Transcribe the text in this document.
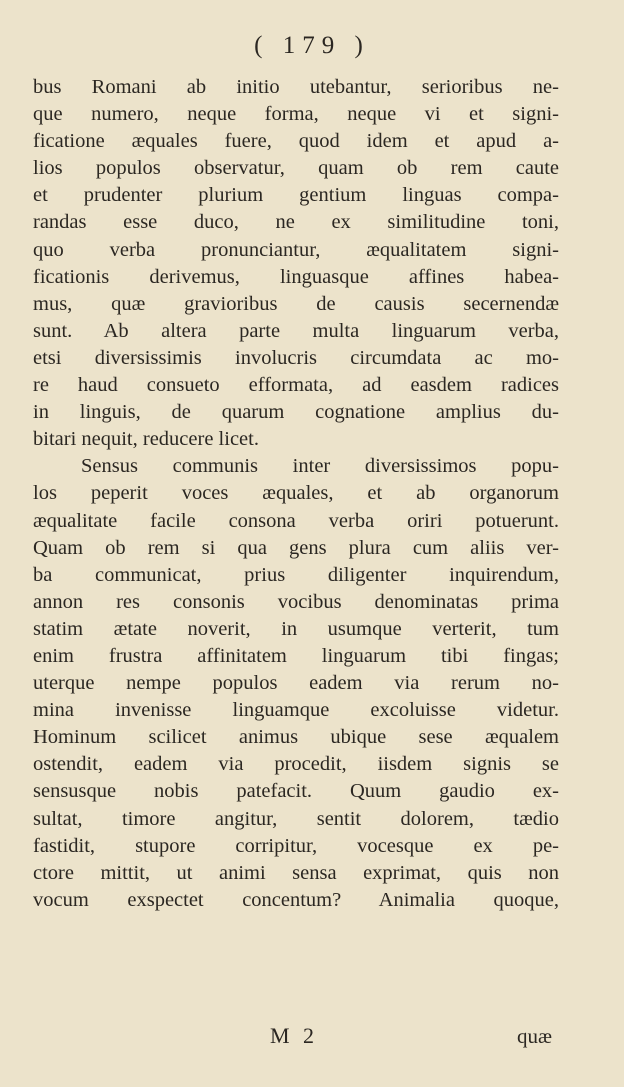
( 179 )
bus Romani ab initio utebantur, serioribus ne-
que numero, neque forma, neque vi et signi-
ficatione æquales fuere, quod idem et apud a-
lios populos observatur, quam ob rem caute
et prudenter plurium gentium linguas compa-
randas esse duco, ne ex similitudine toni,
quo verba pronunciantur, æqualitatem signi-
ficationis derivemus, linguasque affines habea-
mus, quæ gravioribus de causis secernendæ
sunt. Ab altera parte multa linguarum verba,
etsi diversissimis involucris circumdata ac mo-
re haud consueto efformata, ad easdem radices
in linguis, de quarum cognatione amplius du-
bitari nequit, reducere licet.
Sensus communis inter diversissimos popu-
los peperit voces æquales, et ab organorum
æqualitate facile consona verba oriri potuerunt.
Quam ob rem si qua gens plura cum aliis ver-
ba communicat, prius diligenter inquirendum,
annon res consonis vocibus denominatas prima
statim ætate noverit, in usumque verterit, tum
enim frustra affinitatem linguarum tibi fingas;
uterque nempe populos eadem via rerum no-
mina invenisse linguamque excoluisse videtur.
Hominum scilicet animus ubique sese æqualem
ostendit, eadem via procedit, iisdem signis se
sensusque nobis patefacit. Quum gaudio ex-
sultat, timore angitur, sentit dolorem, tædio
fastidit, stupore corripitur, vocesque ex pe-
ctore mittit, ut animi sensa exprimat, quis non
vocum exspectet concentum? Animalia quoque,
M 2	quæ
